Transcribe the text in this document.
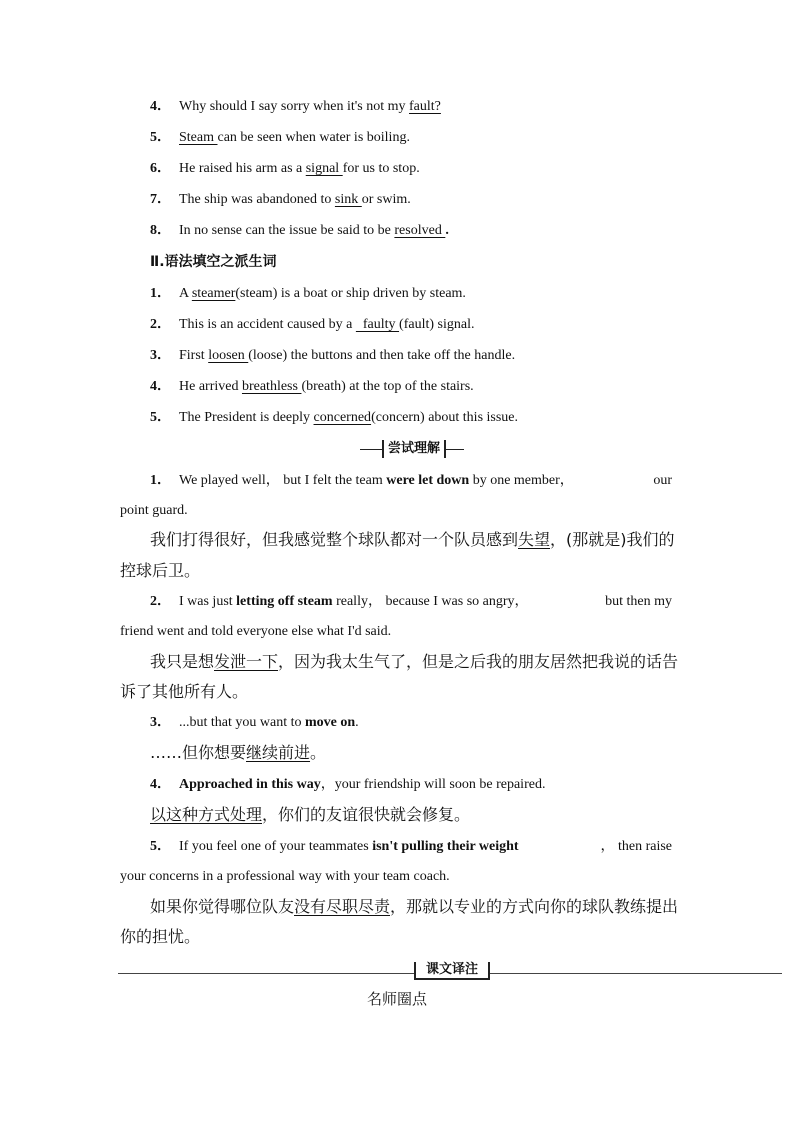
4． Why should I say sorry when it's not my fault?
5． Steam can be seen when water is boiling.
6． He raised his arm as a signal for us to stop.
7． The ship was abandoned to sink or swim.
8． In no sense can the issue be said to be resolved .
Ⅱ.语法填空之派生词
1． A steamer(steam) is a boat or ship driven by steam.
2． This is an accident caused by a   faulty (fault) signal.
3． First loosen (loose) the buttons and then take off the handle.
4． He arrived breathless (breath) at the top of the stairs.
5． The President is deeply concerned(concern) about this issue.
尝试理解
1． We played well， but I felt the team were let down by one member，	our
point guard.
我们打得很好，但我感觉整个球队都对一个队员感到失望，(那就是)我们的
控球后卫。
2． I was just letting off steam really， because I was so angry，	but then my
friend went and told everyone else what I'd said.
我只是想发泄一下，因为我太生气了，但是之后我的朋友居然把我说的话告
诉了其他所有人。
3． ...but that you want to move on.
……但你想要继续前进。
4． Approached in this way，your friendship will soon be repaired.
以这种方式处理，你们的友谊很快就会修复。
5． If you feel one of your teammates isn't pulling their weight	， then raise
your concerns in a professional way with your team coach.
如果你觉得哪位队友没有尽职尽责，那就以专业的方式向你的球队教练提出
你的担忧。
课文译注
名师圈点
